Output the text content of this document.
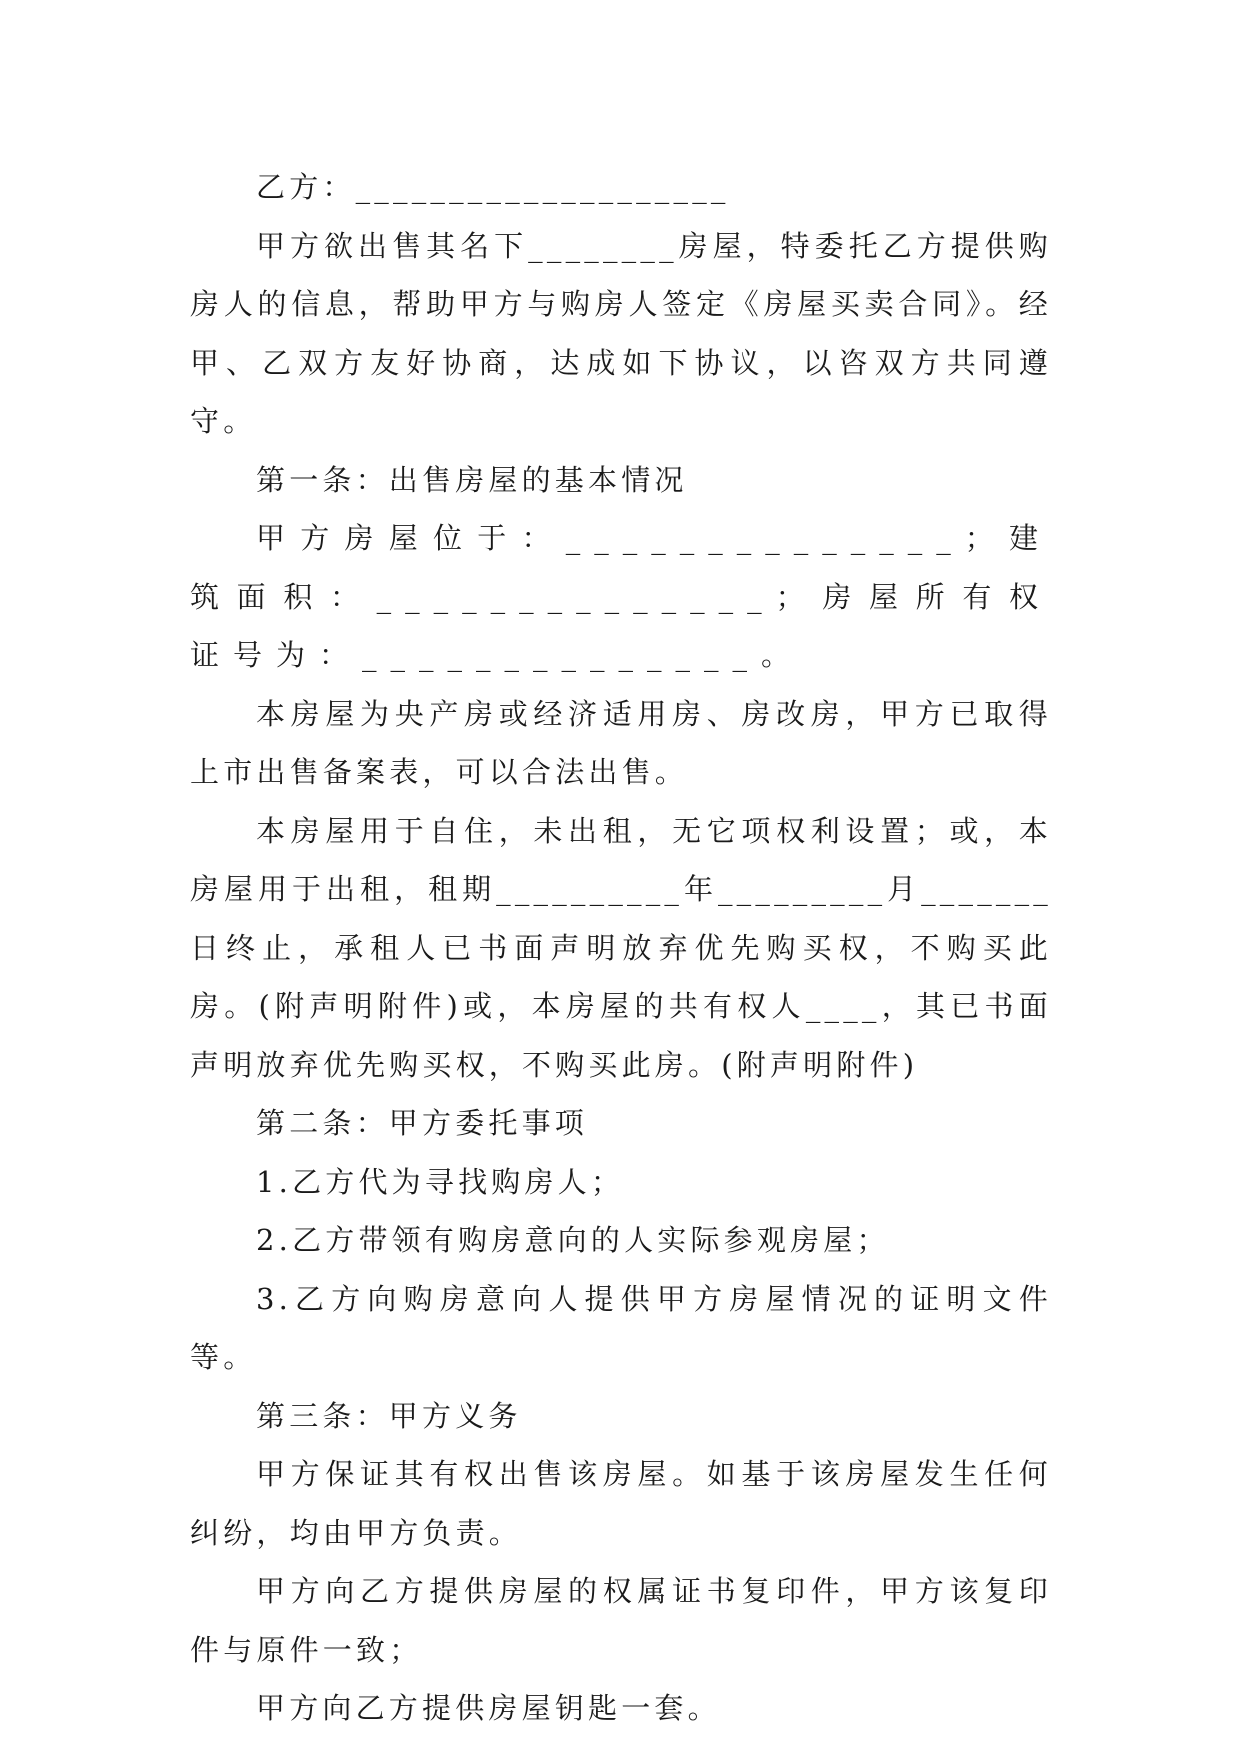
乙方：____________________

甲方欲出售其名下________房屋，特委托乙方提供购房人的信息，帮助甲方与购房人签定《房屋买卖合同》。经甲、乙双方友好协商，达成如下协议，以咨双方共同遵守。

第一条：出售房屋的基本情况

甲方房屋位于：______________；建筑面积：______________；房屋所有权证号为：______________。

本房屋为央产房或经济适用房、房改房，甲方已取得上市出售备案表，可以合法出售。

本房屋用于自住，未出租，无它项权利设置；或，本房屋用于出租，租期__________年_________月_______日终止，承租人已书面声明放弃优先购买权，不购买此房。(附声明附件)或，本房屋的共有权人____，其已书面声明放弃优先购买权，不购买此房。(附声明附件)

第二条：甲方委托事项

1.乙方代为寻找购房人；

2.乙方带领有购房意向的人实际参观房屋；

3.乙方向购房意向人提供甲方房屋情况的证明文件等。

第三条：甲方义务

甲方保证其有权出售该房屋。如基于该房屋发生任何纠纷，均由甲方负责。

甲方向乙方提供房屋的权属证书复印件，甲方该复印件与原件一致；

甲方向乙方提供房屋钥匙一套。
